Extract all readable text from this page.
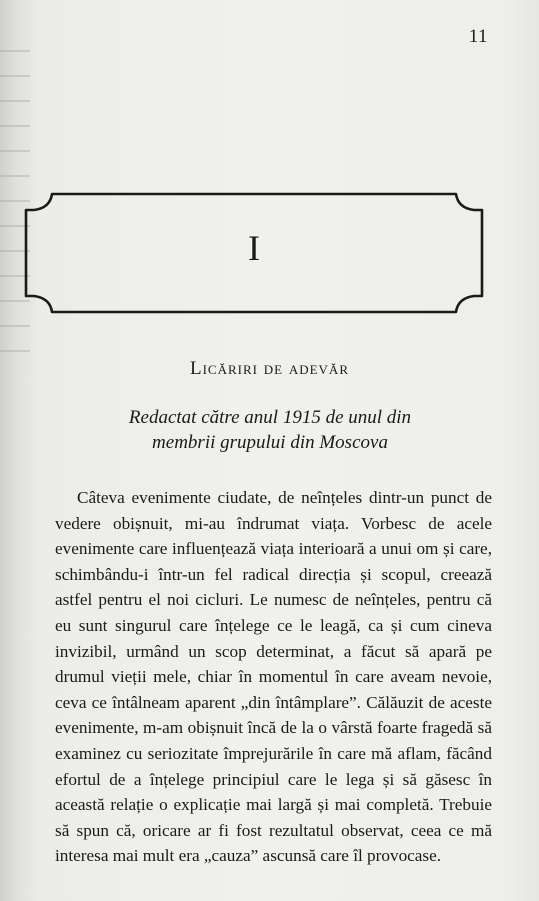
11
I
Licăriri de adevăr
Redactat către anul 1915 de unul din
membrii grupului din Moscova

Câteva evenimente ciudate, de neînțeles dintr-un punct de vedere obișnuit, mi-au îndrumat viața. Vorbesc de acele evenimente care influențează viața interioară a unui om și care, schimbându-i într-un fel radical direcția și scopul, creează astfel pentru el noi cicluri. Le numesc de neînțeles, pentru că eu sunt singurul care înțelege ce le leagă, ca și cum cineva invizibil, urmând un scop determinat, a făcut să apară pe drumul vieții mele, chiar în momentul în care aveam nevoie, ceva ce întâlneam aparent „din întâmplare”. Călăuzit de aceste evenimente, m-am obișnuit încă de la o vârstă foarte fragedă să examinez cu seriozitate împrejurările în care mă aflam, făcând efortul de a înțelege principiul care le lega și să găsesc în această relație o explicație mai largă și mai completă. Trebuie să spun că, oricare ar fi fost rezultatul observat, ceea ce mă interesa mai mult era „cauza” ascunsă care îl provocase.
